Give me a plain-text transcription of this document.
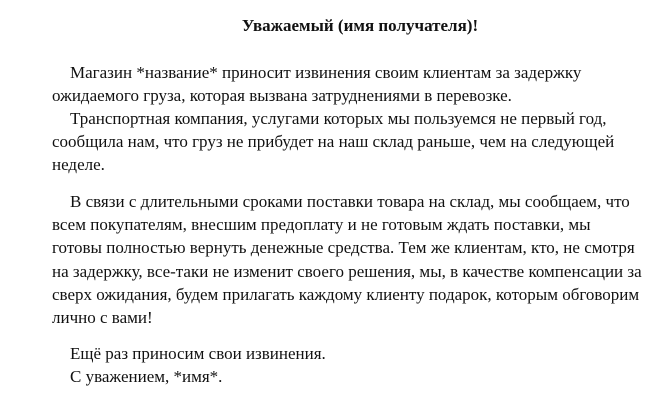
Уважаемый (имя получателя)!

Магазин *название* приносит извинения своим клиентам за задержку ожидаемого груза, которая вызвана затруднениями в перевозке.

Транспортная компания, услугами которых мы пользуемся не первый год, сообщила нам, что груз не прибудет на наш склад раньше, чем на следующей неделе.

В связи с длительными сроками поставки товара на склад, мы сообщаем, что всем покупателям, внесшим предоплату и не готовым ждать поставки, мы готовы полностью вернуть денежные средства. Тем же клиентам, кто, не смотря на задержку, все-таки не изменит своего решения, мы, в качестве компенсации за сверх ожидания, будем прилагать каждому клиенту подарок, которым обговорим лично с вами!

Ещё раз приносим свои извинения.

С уважением, *имя*.
